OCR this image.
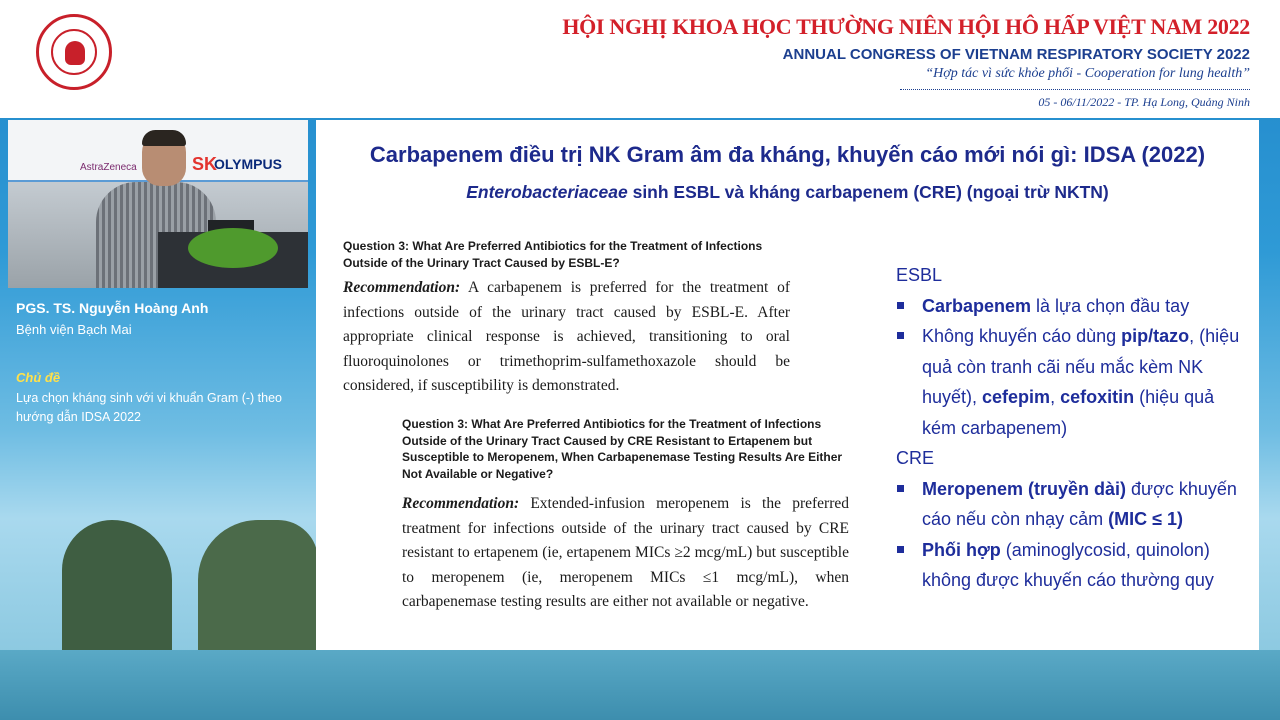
HỘI NGHỊ KHOA HỌC THƯỜNG NIÊN HỘI HÔ HẤP VIỆT NAM 2022
ANNUAL CONGRESS OF VIETNAM RESPIRATORY SOCIETY 2022
“Hợp tác vì sức khỏe phổi - Cooperation for lung health”
05 - 06/11/2022 - TP. Hạ Long, Quảng Ninh
AstraZeneca	SK
OLYMPUS
PGS. TS. Nguyễn Hoàng Anh
Bệnh viện Bạch Mai
Chủ đề
Lựa chọn kháng sinh với vi khuẩn Gram (-) theo hướng dẫn IDSA 2022
Carbapenem điều trị NK Gram âm đa kháng, khuyến cáo mới nói gì: IDSA (2022)
Enterobacteriaceae sinh ESBL và kháng carbapenem (CRE) (ngoại trừ NKTN)
Question 3: What Are Preferred Antibiotics for the Treatment of Infections Outside of the Urinary Tract Caused by ESBL-E?
Recommendation: A carbapenem is preferred for the treatment of infections outside of the urinary tract caused by ESBL-E. After appropriate clinical response is achieved, transitioning to oral fluoroquinolones or trimethoprim-sulfamethoxazole should be considered, if susceptibility is demonstrated.
Question 3: What Are Preferred Antibiotics for the Treatment of Infections Outside of the Urinary Tract Caused by CRE Resistant to Ertapenem but Susceptible to Meropenem, When Carbapenemase Testing Results Are Either Not Available or Negative?
Recommendation: Extended-infusion meropenem is the preferred treatment for infections outside of the urinary tract caused by CRE resistant to ertapenem (ie, ertapenem MICs ≥2 mcg/mL) but susceptible to meropenem (ie, meropenem MICs ≤1 mcg/mL), when carbapenemase testing results are either not available or negative.
ESBL
Carbapenem là lựa chọn đầu tay
Không khuyến cáo dùng pip/tazo, (hiệu quả còn tranh cãi nếu mắc kèm NK huyết), cefepim, cefoxitin (hiệu quả kém carbapenem)
CRE
Meropenem (truyền dài) được khuyến cáo nếu còn nhạy cảm (MIC ≤ 1)
Phối hợp (aminoglycosid, quinolon) không được khuyến cáo thường quy
